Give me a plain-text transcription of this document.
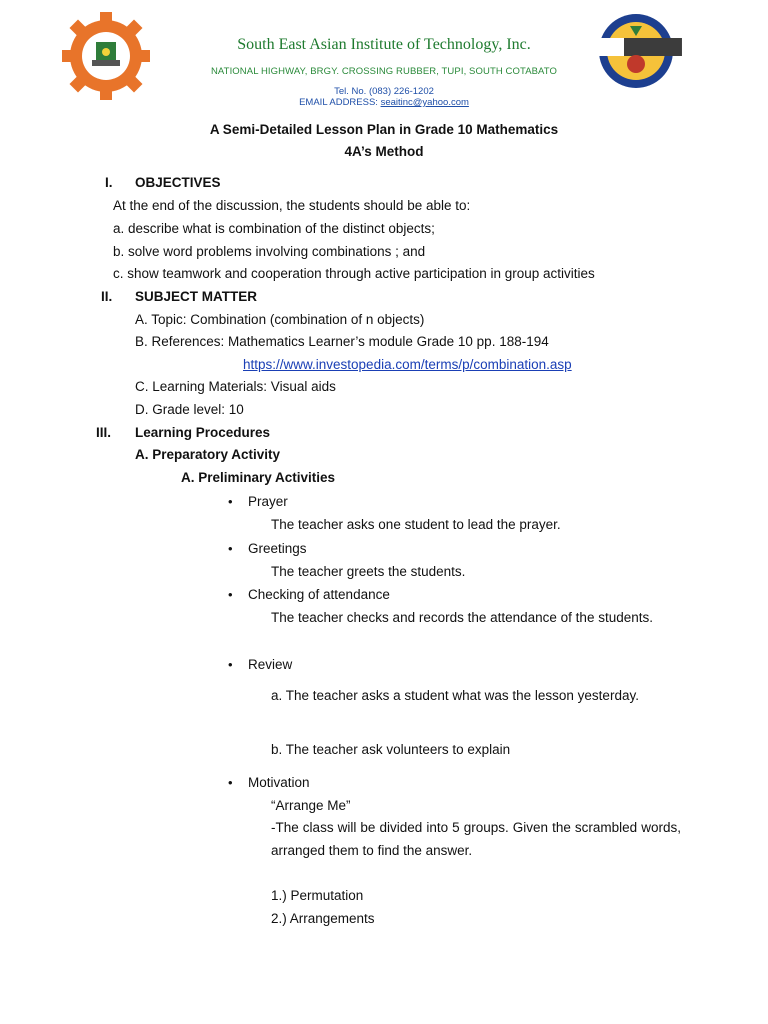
South East Asian Institute of Technology, Inc.
NATIONAL HIGHWAY, BRGY. CROSSING RUBBER, TUPI, SOUTH COTABATO
Tel. No. (083) 226-1202
EMAIL ADDRESS: seaitinc@yahoo.com
A Semi-Detailed Lesson Plan in Grade 10 Mathematics
4A’s Method
I. OBJECTIVES
At the end of the discussion, the students should be able to:
a. describe what is combination of the distinct objects;
b. solve word problems involving combinations ; and
c. show teamwork and cooperation through active participation in group activities
II. SUBJECT MATTER
A. Topic: Combination (combination of n objects)
B. References: Mathematics Learner’s module Grade 10 pp. 188-194
https://www.investopedia.com/terms/p/combination.asp
C. Learning Materials: Visual aids
D. Grade level: 10
III. Learning Procedures
A. Preparatory Activity
A. Preliminary Activities
• Prayer
The teacher asks one student to lead the prayer.
• Greetings
The teacher greets the students.
• Checking of attendance
The teacher checks and records the attendance of the students.
• Review
a. The teacher asks a student what was the lesson yesterday.
b. The teacher ask volunteers to explain
• Motivation
“Arrange Me”
-The class will be divided into 5 groups. Given the scrambled words, arranged them to find the answer.
1.) Permutation
2.) Arrangements
